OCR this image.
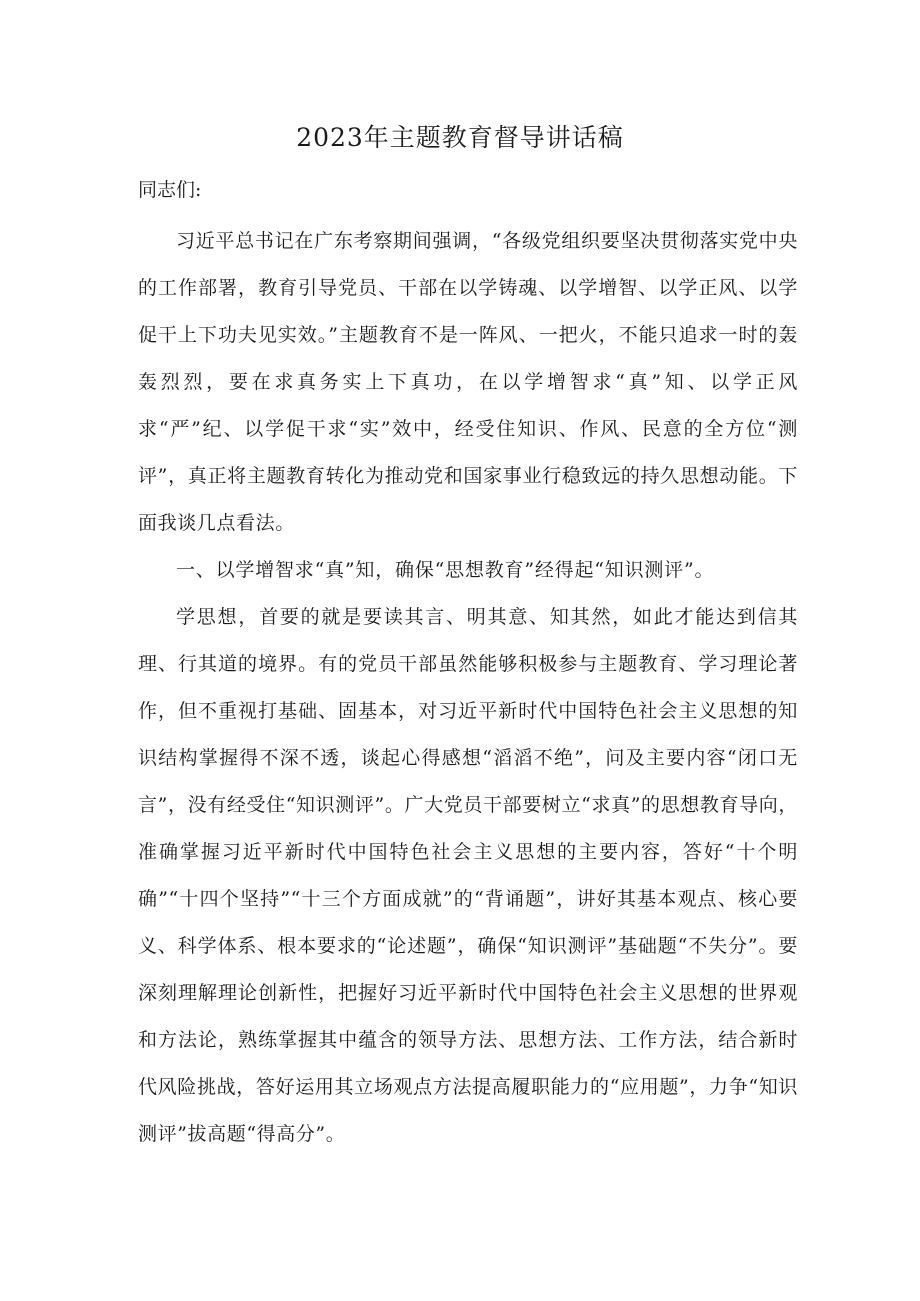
2023年主题教育督导讲话稿
同志们:

习近平总书记在广东考察期间强调，“各级党组织要坚决贯彻落实党中央的工作部署，教育引导党员、干部在以学铸魂、以学增智、以学正风、以学促干上下功夫见实效。”主题教育不是一阵风、一把火，不能只追求一时的轰轰烈烈，要在求真务实上下真功，在以学增智求“真”知、以学正风求“严”纪、以学促干求“实”效中，经受住知识、作风、民意的全方位“测评”，真正将主题教育转化为推动党和国家事业行稳致远的持久思想动能。下面我谈几点看法。

一、以学增智求“真”知，确保“思想教育”经得起“知识测评”。

学思想，首要的就是要读其言、明其意、知其然，如此才能达到信其理、行其道的境界。有的党员干部虽然能够积极参与主题教育、学习理论著作，但不重视打基础、固基本，对习近平新时代中国特色社会主义思想的知识结构掌握得不深不透，谈起心得感想“滔滔不绝”，问及主要内容“闭口无言”，没有经受住“知识测评”。广大党员干部要树立“求真”的思想教育导向，准确掌握习近平新时代中国特色社会主义思想的主要内容，答好“十个明确”“十四个坚持”“十三个方面成就”的“背诵题”，讲好其基本观点、核心要义、科学体系、根本要求的“论述题”，确保“知识测评”基础题“不失分”。要深刻理解理论创新性，把握好习近平新时代中国特色社会主义思想的世界观和方法论，熟练掌握其中蕴含的领导方法、思想方法、工作方法，结合新时代风险挑战，答好运用其立场观点方法提高履职能力的“应用题”，力争“知识测评”拔高题“得高分”。
